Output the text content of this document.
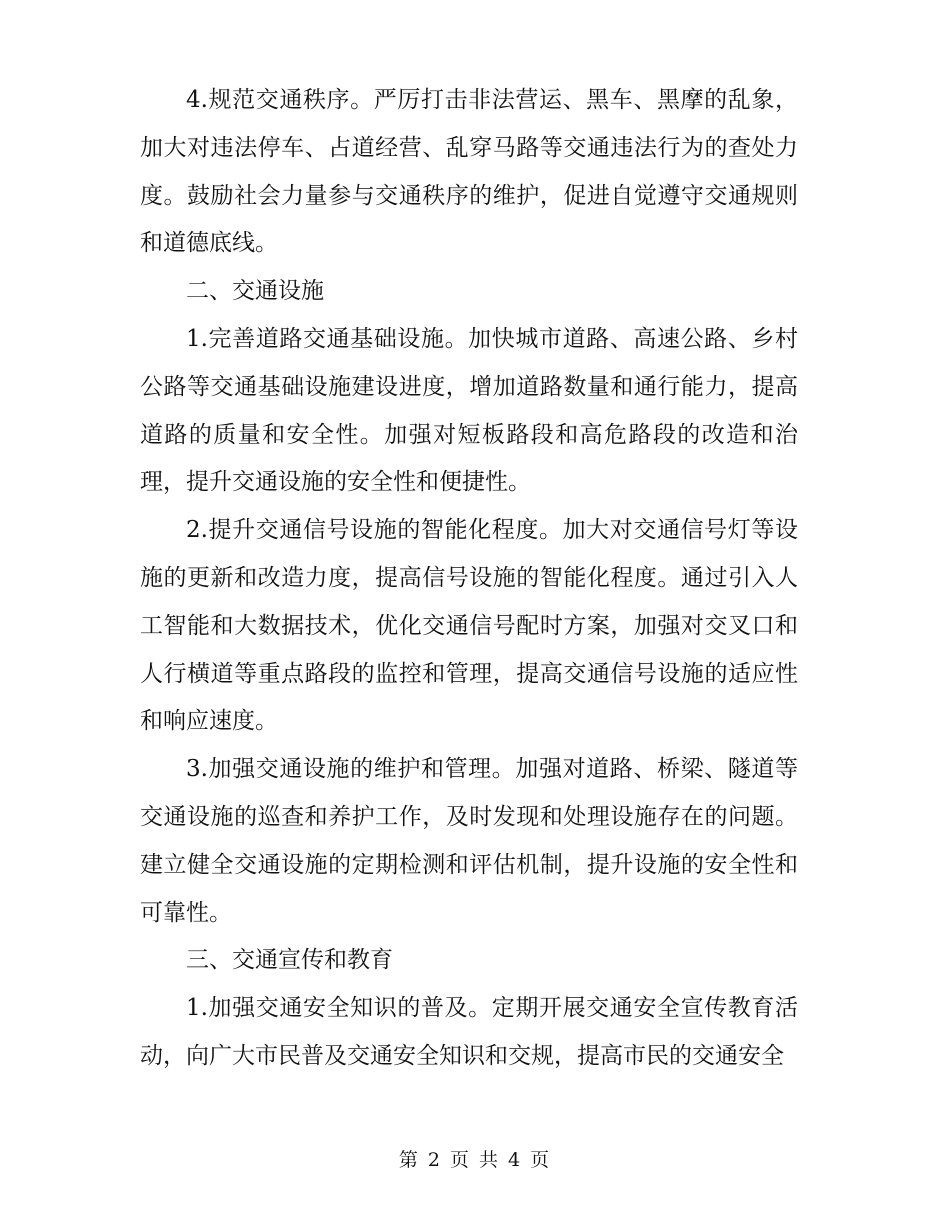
4.规范交通秩序。严厉打击非法营运、黑车、黑摩的乱象，加大对违法停车、占道经营、乱穿马路等交通违法行为的查处力度。鼓励社会力量参与交通秩序的维护，促进自觉遵守交通规则和道德底线。

二、交通设施

1.完善道路交通基础设施。加快城市道路、高速公路、乡村公路等交通基础设施建设进度，增加道路数量和通行能力，提高道路的质量和安全性。加强对短板路段和高危路段的改造和治理，提升交通设施的安全性和便捷性。

2.提升交通信号设施的智能化程度。加大对交通信号灯等设施的更新和改造力度，提高信号设施的智能化程度。通过引入人工智能和大数据技术，优化交通信号配时方案，加强对交叉口和人行横道等重点路段的监控和管理，提高交通信号设施的适应性和响应速度。

3.加强交通设施的维护和管理。加强对道路、桥梁、隧道等交通设施的巡查和养护工作，及时发现和处理设施存在的问题。建立健全交通设施的定期检测和评估机制，提升设施的安全性和可靠性。

三、交通宣传和教育

1.加强交通安全知识的普及。定期开展交通安全宣传教育活动，向广大市民普及交通安全知识和交规，提高市民的交通安全

第 2 页 共 4 页
